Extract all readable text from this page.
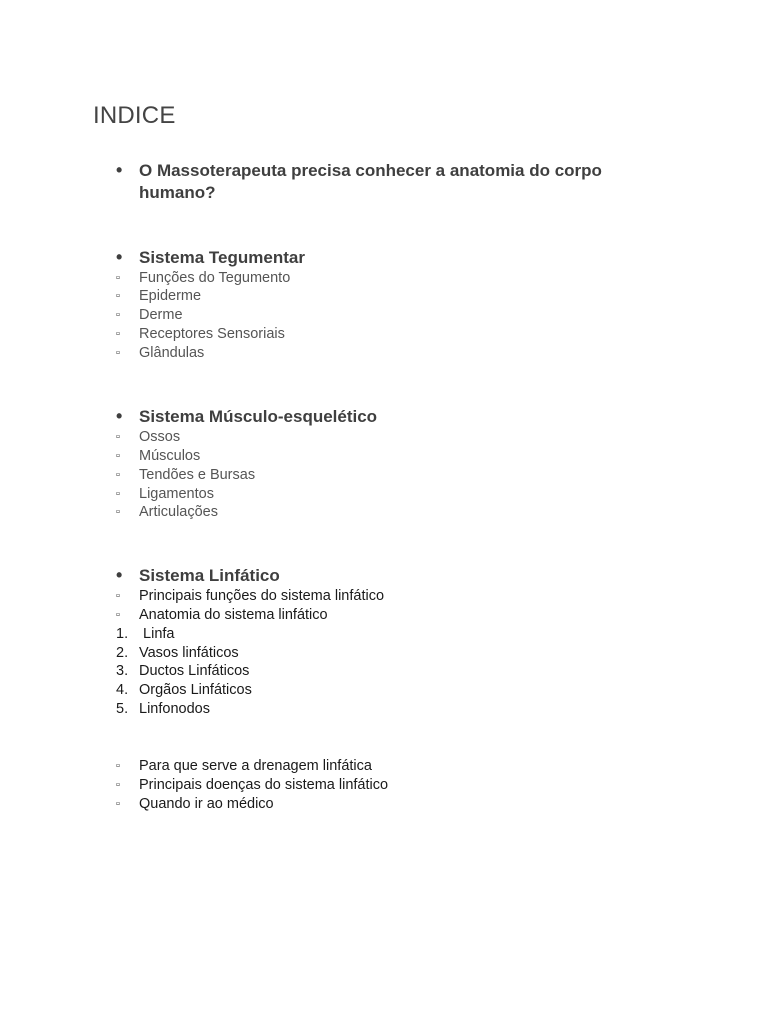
INDICE
• O Massoterapeuta precisa conhecer a anatomia do corpo humano?
• Sistema Tegumentar
▫ Funções do Tegumento
▫ Epiderme
▫ Derme
▫ Receptores Sensoriais
▫ Glândulas
• Sistema Músculo-esquelético
▫ Ossos
▫ Músculos
▫ Tendões e Bursas
▫ Ligamentos
▫ Articulações
• Sistema Linfático
▫ Principais funções do sistema linfático
▫ Anatomia do sistema linfático
1. Linfa
2. Vasos linfáticos
3. Ductos Linfáticos
4. Orgãos Linfáticos
5. Linfonodos
▫ Para que serve a drenagem linfática
▫ Principais doenças do sistema linfático
▫ Quando ir ao médico
